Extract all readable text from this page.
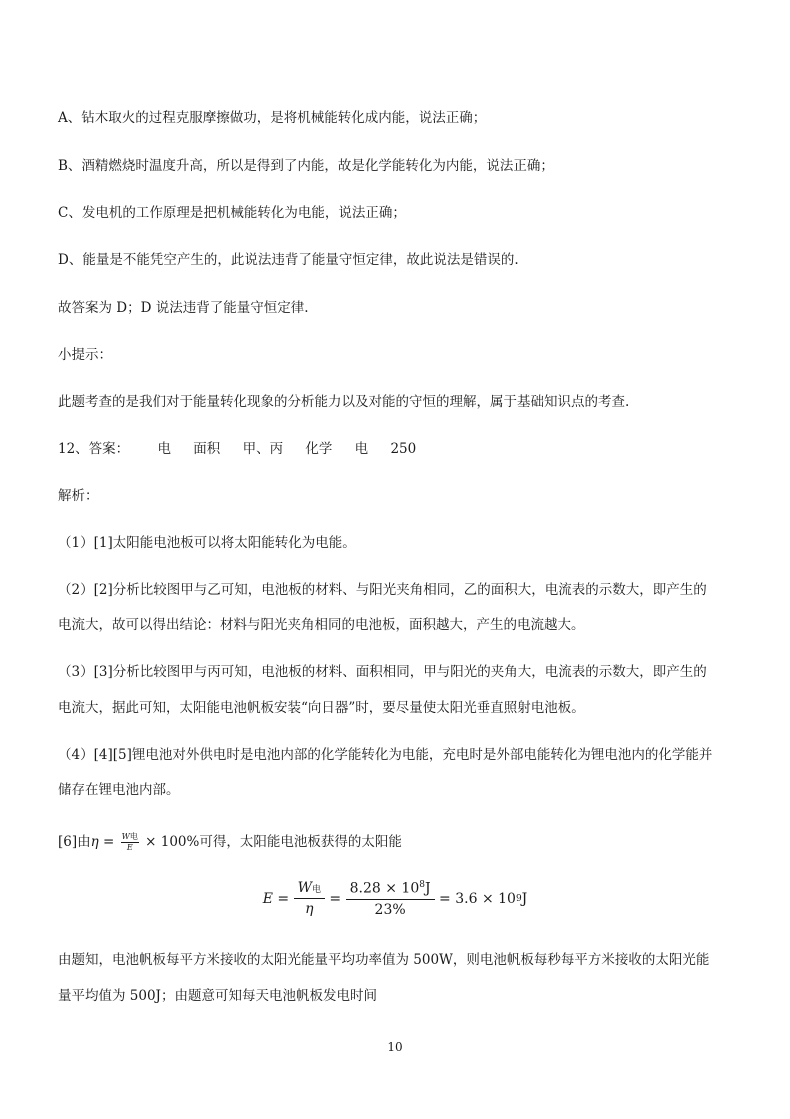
A、钻木取火的过程克服摩擦做功，是将机械能转化成内能，说法正确；
B、酒精燃烧时温度升高，所以是得到了内能，故是化学能转化为内能，说法正确；
C、发电机的工作原理是把机械能转化为电能，说法正确；
D、能量是不能凭空产生的，此说法违背了能量守恒定律，故此说法是错误的.
故答案为 D；D 说法违背了能量守恒定律.
小提示：
此题考查的是我们对于能量转化现象的分析能力以及对能的守恒的理解，属于基础知识点的考查.
12、答案： 电 面积 甲、丙 化学 电 250
解析：
（1）[1]太阳能电池板可以将太阳能转化为电能。
（2）[2]分析比较图甲与乙可知，电池板的材料、与阳光夹角相同，乙的面积大，电流表的示数大，即产生的
电流大，故可以得出结论：材料与阳光夹角相同的电池板，面积越大，产生的电流越大。
（3）[3]分析比较图甲与丙可知，电池板的材料、面积相同，甲与阳光的夹角大，电流表的示数大，即产生的
电流大，据此可知，太阳能电池帆板安装“向日器”时，要尽量使太阳光垂直照射电池板。
（4）[4][5]锂电池对外供电时是电池内部的化学能转化为电能，充电时是外部电能转化为锂电池内的化学能并
储存在锂电池内部。
[6]由$\eta = \frac{\text{W电}}{E} \times 100\%$可得，太阳能电池板获得的太阳能
$E = \frac{\text{W电}}{\eta} = \frac{8.28 \times 10^8J}{23\%} = 3.6 \times 109J$
由题知，电池帆板每平方米接收的太阳光能量平均功率值为 500W，则电池帆板每秒每平方米接收的太阳光能
量平均值为 500J；由题意可知每天电池帆板发电时间
10
